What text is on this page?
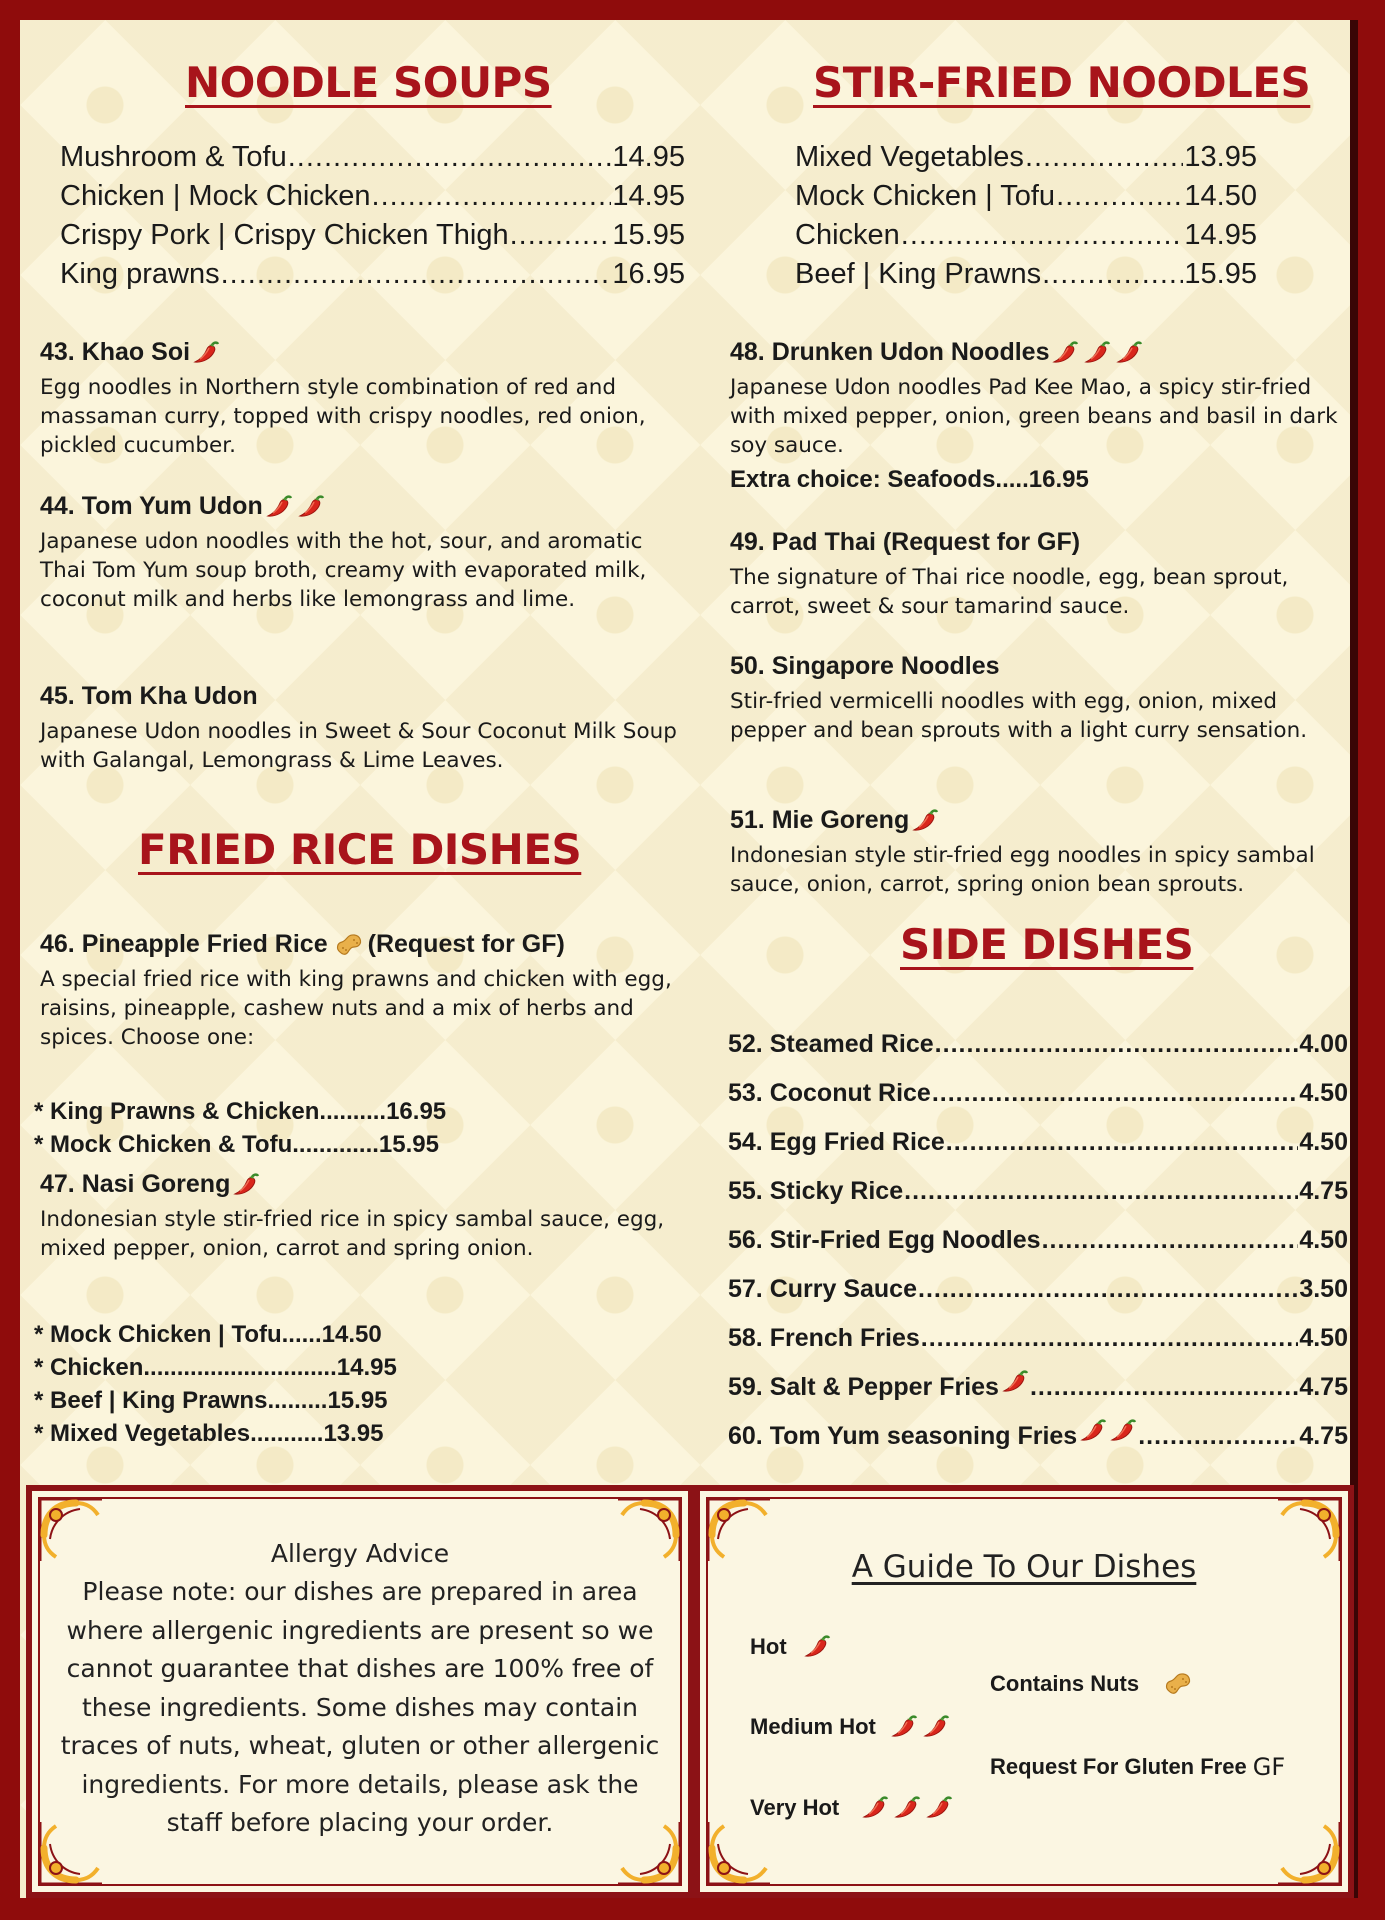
NOODLE SOUPS
Mushroom & Tofu .....	14.95
Chicken | Mock Chicken .....	14.95
Crispy Pork | Crispy Chicken Thigh .....	15.95
King prawns .....	16.95
43. Khao Soi

Egg noodles in Northern style combination of red and massaman curry, topped with crispy noodles, red onion, pickled cucumber.

44. Tom Yum Udon

Japanese udon noodles with the hot, sour, and aromatic Thai Tom Yum soup broth, creamy with evaporated milk, coconut milk and herbs like lemongrass and lime.

45. Tom Kha Udon

Japanese Udon noodles in Sweet & Sour Coconut Milk Soup with Galangal, Lemongrass & Lime Leaves.

FRIED RICE DISHES
46. Pineapple Fried Rice (Request for GF)

A special fried rice with king prawns and chicken with egg, raisins, pineapple, cashew nuts and a mix of herbs and spices. Choose one:

* King Prawns & Chicken..........16.95
* Mock Chicken & Tofu.............15.95
47. Nasi Goreng

Indonesian style stir-fried rice in spicy sambal sauce, egg, mixed pepper, onion, carrot and spring onion.

* Mock Chicken | Tofu......14.50
* Chicken.............................14.95
* Beef | King Prawns.........15.95
* Mixed Vegetables...........13.95
STIR-FRIED NOODLES
Mixed Vegetables .....	13.95
Mock Chicken | Tofu .....	14.50
Chicken .....	14.95
Beef | King Prawns .....	15.95
48. Drunken Udon Noodles

Japanese Udon noodles Pad Kee Mao, a spicy stir-fried with mixed pepper, onion, green beans and basil in dark soy sauce.

Extra choice: Seafoods.....16.95

49. Pad Thai (Request for GF)

The signature of Thai rice noodle, egg, bean sprout, carrot, sweet & sour tamarind sauce.

50. Singapore Noodles

Stir-fried vermicelli noodles with egg, onion, mixed pepper and bean sprouts with a light curry sensation.

51. Mie Goreng

Indonesian style stir-fried egg noodles in spicy sambal sauce, onion, carrot, spring onion bean sprouts.

SIDE DISHES
52. Steamed Rice .....	4.00
53. Coconut Rice .....	4.50
54. Egg Fried Rice .....	4.50
55. Sticky Rice .....	4.75
56. Stir-Fried Egg Noodles .....	4.50
57. Curry Sauce .....	3.50
58. French Fries .....	4.50
59. Salt & Pepper Fries .....	4.75
60. Tom Yum seasoning Fries .....	4.75

Allergy Advice

Please note: our dishes are prepared in area where allergenic ingredients are present so we cannot guarantee that dishes are 100% free of these ingredients. Some dishes may contain traces of nuts, wheat, gluten or other allergenic ingredients. For more details, please ask the staff before placing your order.

A Guide To Our Dishes

Hot
Medium Hot
Very Hot
Contains Nuts
Request For Gluten Free GF
